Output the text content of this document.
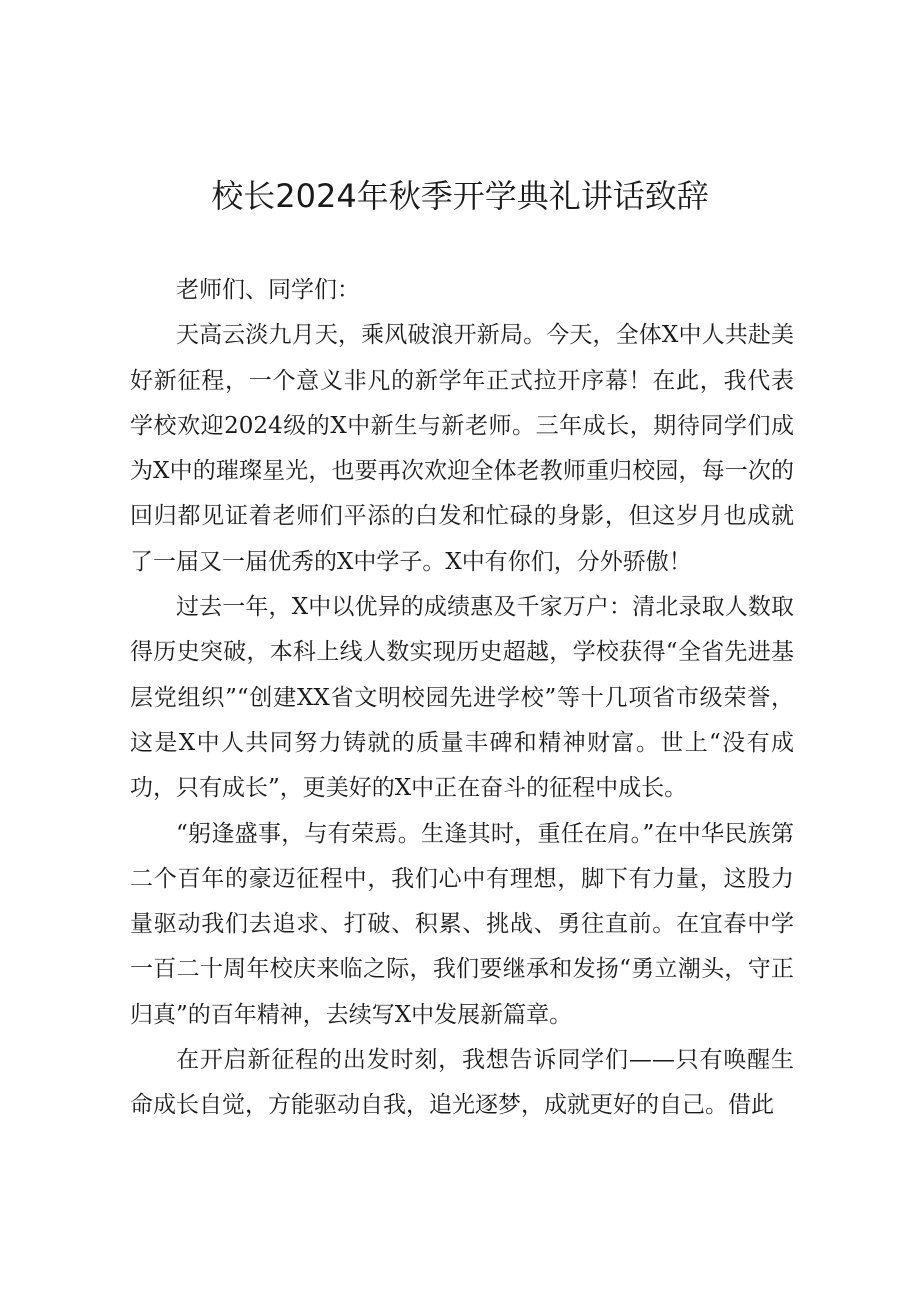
校长2024年秋季开学典礼讲话致辞

老师们、同学们：

天高云淡九月天，乘风破浪开新局。今天，全体X中人共赴美好新征程，一个意义非凡的新学年正式拉开序幕！在此，我代表学校欢迎2024级的X中新生与新老师。三年成长，期待同学们成为X中的璀璨星光，也要再次欢迎全体老教师重归校园，每一次的回归都见证着老师们平添的白发和忙碌的身影，但这岁月也成就了一届又一届优秀的X中学子。X中有你们，分外骄傲！

过去一年，X中以优异的成绩惠及千家万户：清北录取人数取得历史突破，本科上线人数实现历史超越，学校获得“全省先进基层党组织”“创建XX省文明校园先进学校”等十几项省市级荣誉，这是X中人共同努力铸就的质量丰碑和精神财富。世上“没有成功，只有成长”，更美好的X中正在奋斗的征程中成长。

“躬逢盛事，与有荣焉。生逢其时，重任在肩。”在中华民族第二个百年的豪迈征程中，我们心中有理想，脚下有力量，这股力量驱动我们去追求、打破、积累、挑战、勇往直前。在宜春中学一百二十周年校庆来临之际，我们要继承和发扬“勇立潮头，守正归真”的百年精神，去续写X中发展新篇章。

在开启新征程的出发时刻，我想告诉同学们——只有唤醒生命成长自觉，方能驱动自我，追光逐梦，成就更好的自己。借此
